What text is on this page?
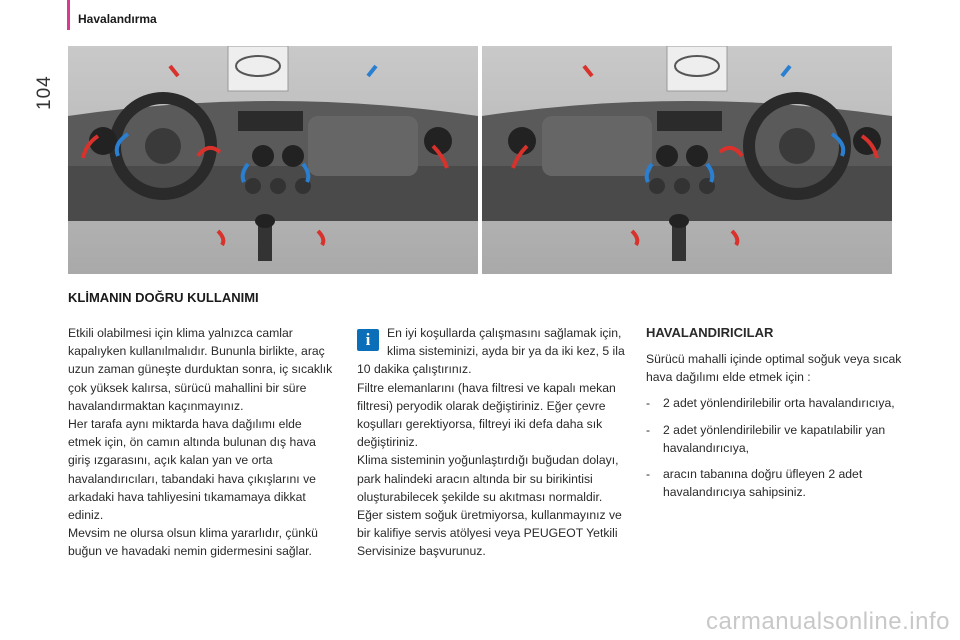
104
Havalandırma
KLİMANIN DOĞRU KULLANIMI

Etkili olabilmesi için klima yalnızca camlar kapalıyken kullanılmalıdır. Bununla birlikte, araç uzun zaman güneşte durduktan sonra, iç sıcaklık çok yüksek kalırsa, sürücü mahallini bir süre havalandırmaktan kaçınmayınız.

Her tarafa aynı miktarda hava dağılımı elde etmek için, ön camın altında bulunan dış hava giriş ızgarasını, açık kalan yan ve orta havalandırıcıları, tabandaki hava çıkışlarını ve arkadaki hava tahliyesini tıkamamaya dikkat ediniz.

Mevsim ne olursa olsun klima yararlıdır, çünkü buğun ve havadaki nemin gidermesini sağlar.

i	En iyi koşullarda çalışmasını sağlamak için, klima sisteminizi, ayda bir ya da iki kez, 5 ila 10 dakika çalıştırınız.

Filtre elemanlarını (hava filtresi ve kapalı mekan filtresi) peryodik olarak değiştiriniz. Eğer çevre koşulları gerektiyorsa, filtreyi iki defa daha sık değiştiriniz.

Klima sisteminin yoğunlaştırdığı buğudan dolayı, park halindeki aracın altında bir su birikintisi oluşturabilecek şekilde su akıtması normaldir.

Eğer sistem soğuk üretmiyorsa, kullanmayınız ve bir kalifiye servis atölyesi veya PEUGEOT Yetkili Servisinize başvurunuz.

HAVALANDIRICILAR

Sürücü mahalli içinde optimal soğuk veya sıcak hava dağılımı elde etmek için :

- 2 adet yönlendirilebilir orta havalandırıcıya,
- 2 adet yönlendirilebilir ve kapatılabilir yan havalandırıcıya,
- aracın tabanına doğru üfleyen 2 adet havalandırıcıya sahipsiniz.
carmanualsonline.info
